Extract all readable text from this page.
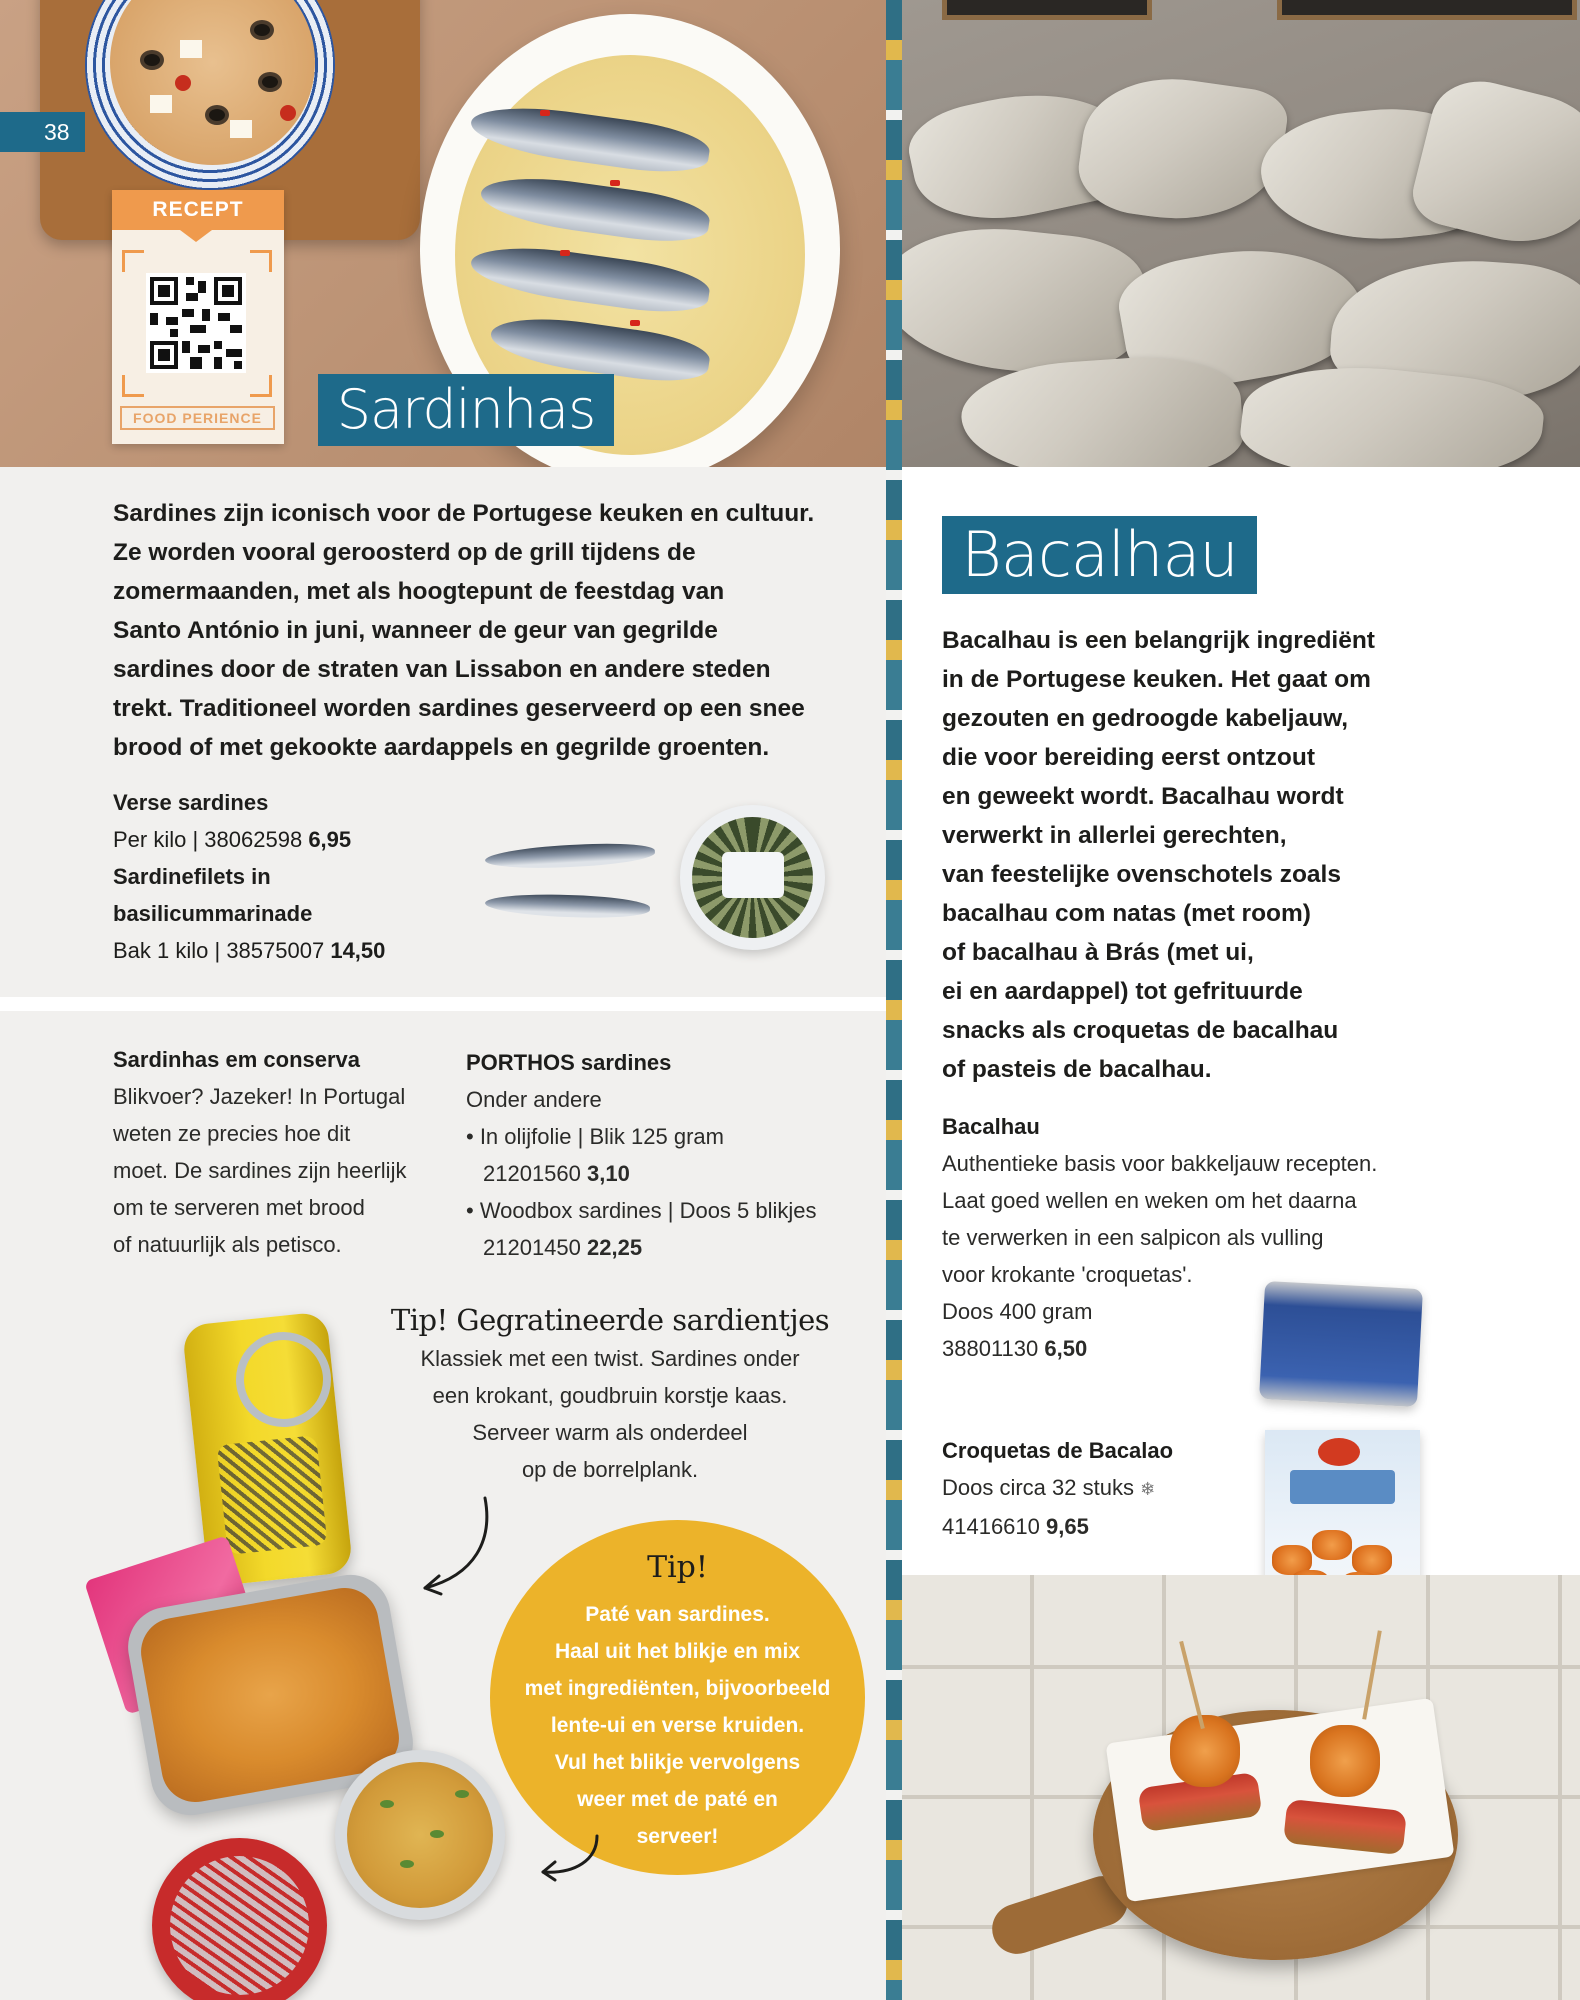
RECEPT
FOOD PERIENCE
38
Sardinhas
Sardines zijn iconisch voor de Portugese keuken en cultuur.
Ze worden vooral geroosterd op de grill tijdens de
zomermaanden, met als hoogtepunt de feestdag van
Santo António in juni, wanneer de geur van gegrilde
sardines door de straten van Lissabon en andere steden
trekt. Traditioneel worden sardines geserveerd op een snee
brood of met gekookte aardappels en gegrilde groenten.
Verse sardines
Per kilo | 38062598 6,95
Sardinefilets in
basilicummarinade
Bak 1 kilo | 38575007 14,50
Sardinhas em conserva
Blikvoer? Jazeker! In Portugal
weten ze precies hoe dit
moet. De sardines zijn heerlijk
om te serveren met brood
of natuurlijk als petisco.
PORTHOS sardines
Onder andere
• In olijfolie | Blik 125 gram
21201560 3,10
• Woodbox sardines | Doos 5 blikjes
21201450 22,25
Tip! Gegratineerde sardientjes
Klassiek met een twist. Sardines onder
een krokant, goudbruin korstje kaas.
Serveer warm als onderdeel
op de borrelplank.
Tip!
Paté van sardines.
Haal uit het blikje en mix
met ingrediënten, bijvoorbeeld
lente-ui en verse kruiden.
Vul het blikje vervolgens
weer met de paté en
serveer!
Bacalhau
Bacalhau is een belangrijk ingrediënt
in de Portugese keuken. Het gaat om
gezouten en gedroogde kabeljauw,
die voor bereiding eerst ontzout
en geweekt wordt. Bacalhau wordt
verwerkt in allerlei gerechten,
van feestelijke ovenschotels zoals
bacalhau com natas (met room)
of bacalhau à Brás (met ui,
ei en aardappel) tot gefrituurde
snacks als croquetas de bacalhau
of pasteis de bacalhau.
Bacalhau
Authentieke basis voor bakkeljauw recepten.
Laat goed wellen en weken om het daarna
te verwerken in een salpicon als vulling
voor krokante 'croquetas'.
Doos 400 gram
38801130 6,50
Croquetas de Bacalao
Doos circa 32 stuks ❄
41416610 9,65
